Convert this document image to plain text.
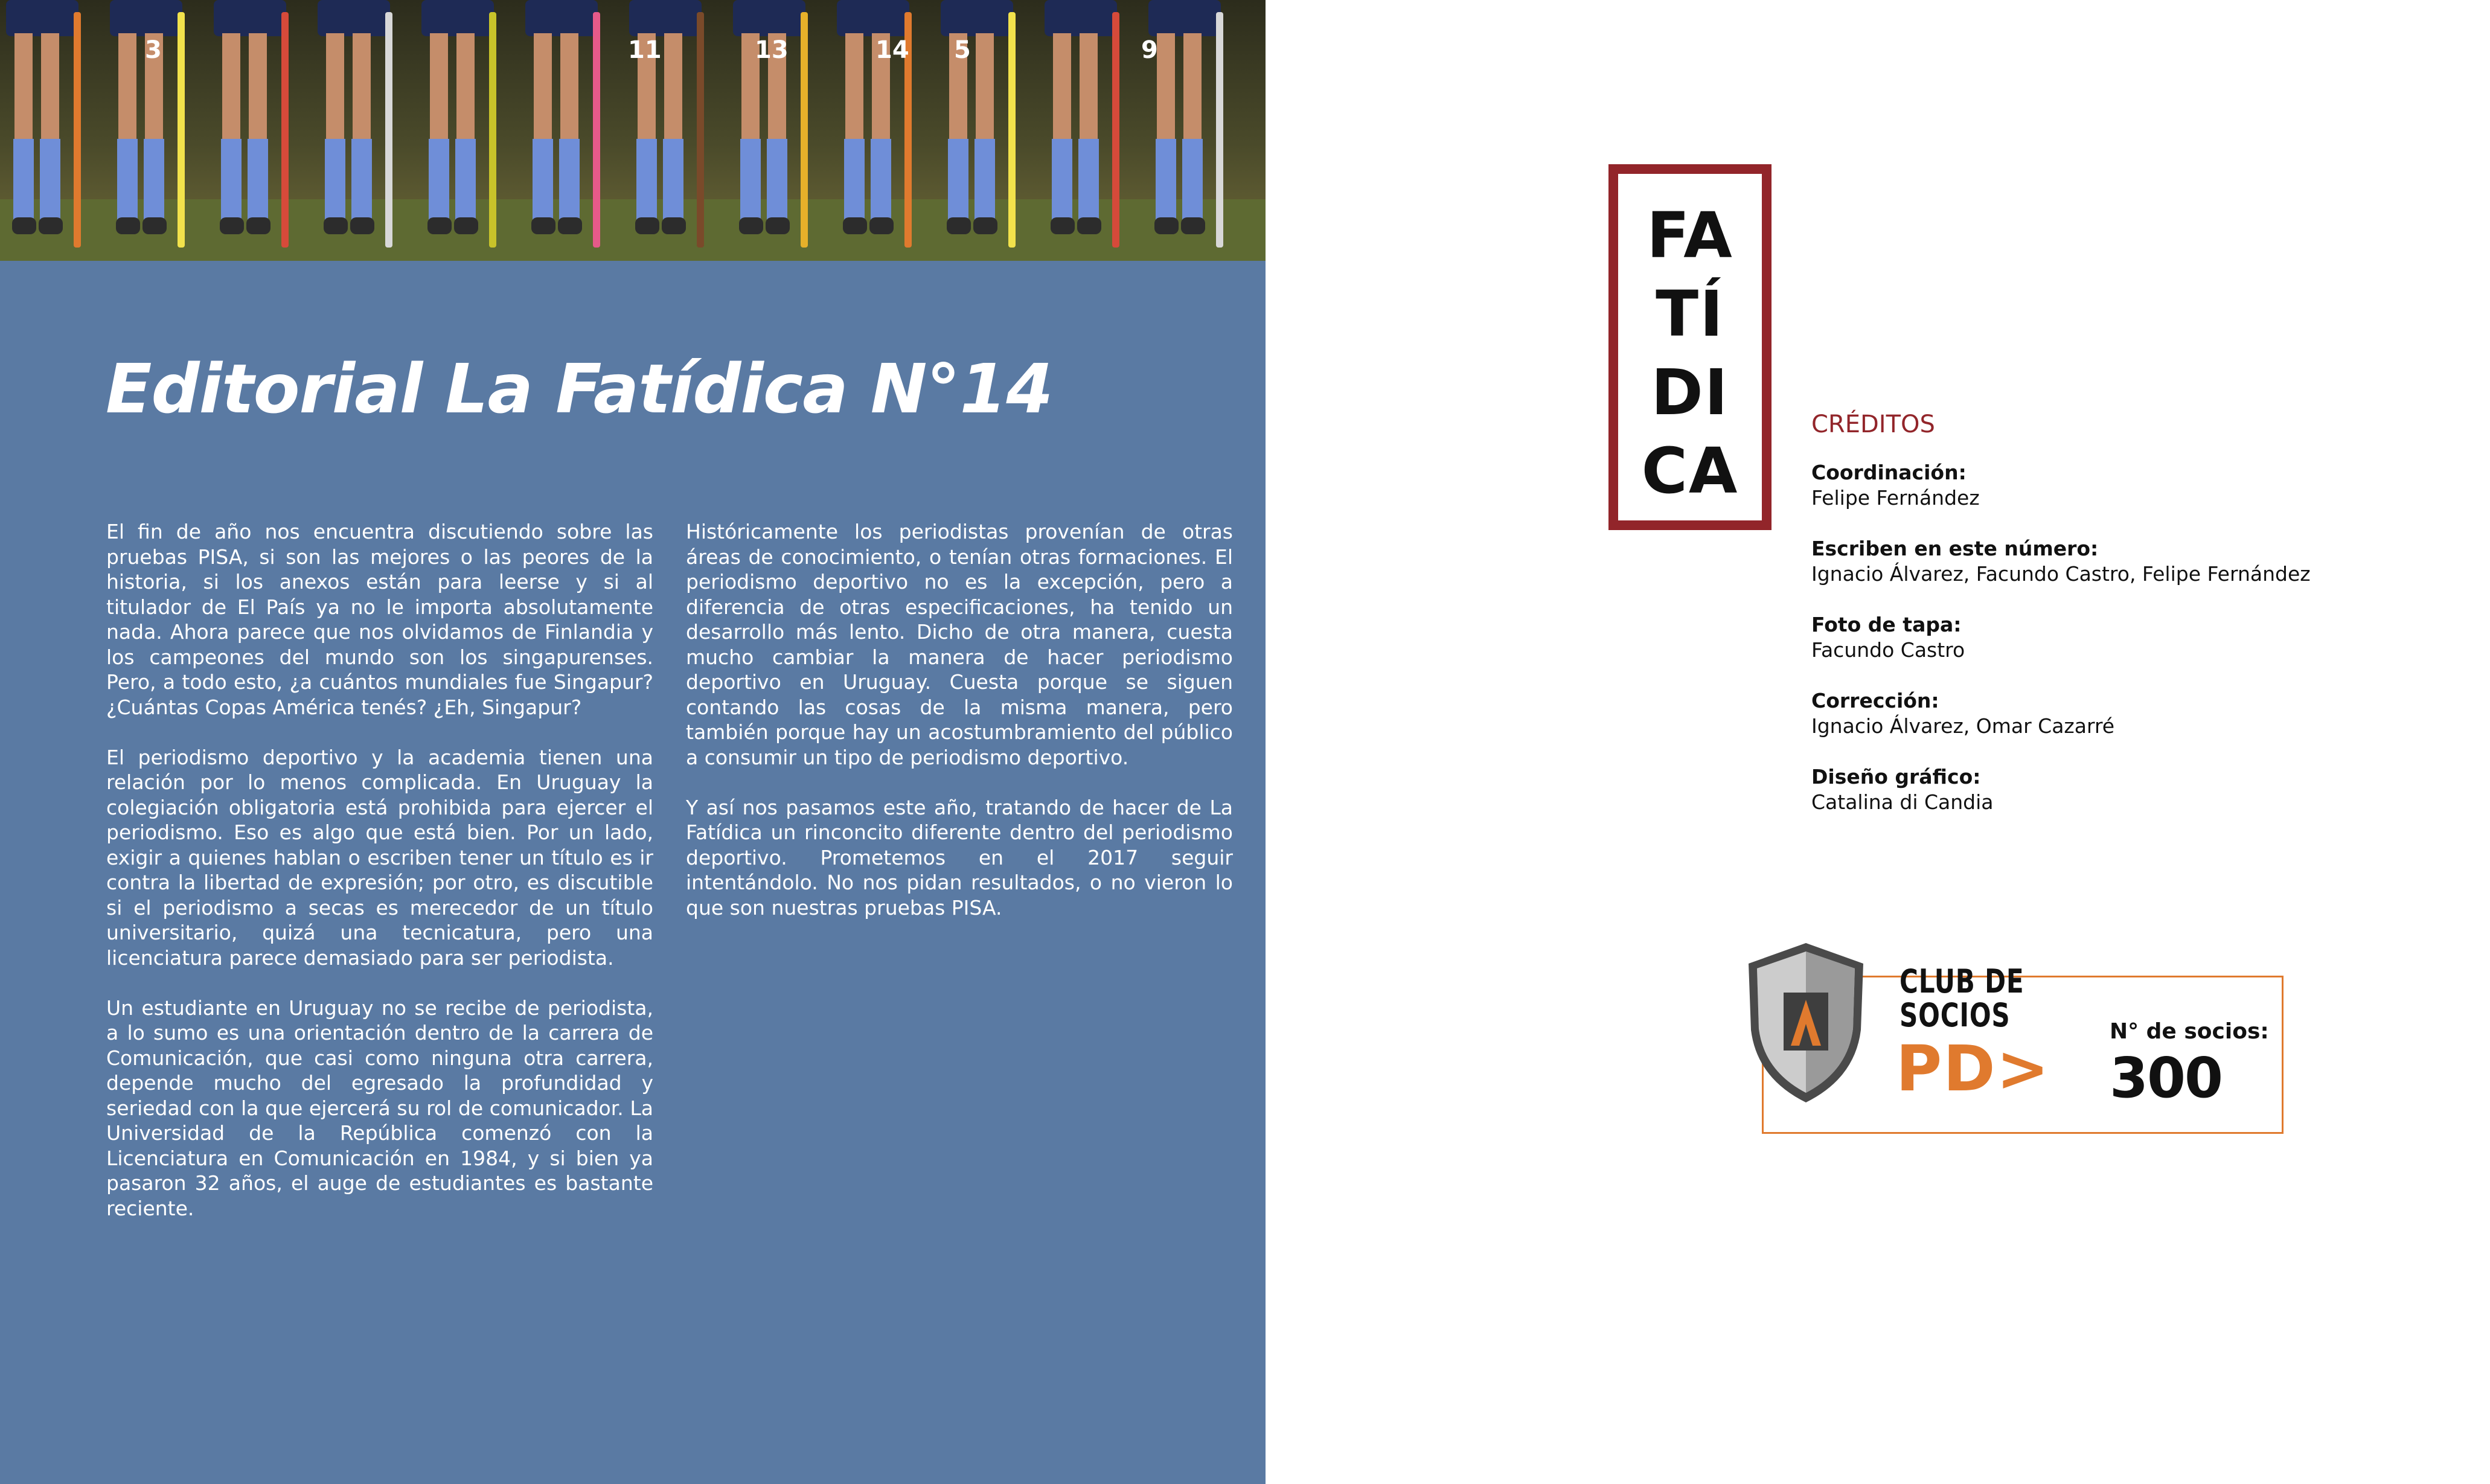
3	11	13	14 5	9
Editorial La Fatídica N°14

El fin de año nos encuentra discutiendo sobre las pruebas PISA, si son las mejores o las peores de la historia, si los anexos están para leerse y si al titulador de El País ya no le importa absolutamente nada. Ahora parece que nos olvidamos de Finlandia y los campeones del mundo son los singapurenses. Pero, a todo esto, ¿a cuántos mundiales fue Singapur? ¿Cuántas Copas América tenés? ¿Eh, Singapur?

El periodismo deportivo y la academia tienen una relación por lo menos complicada. En Uruguay la colegiación obligatoria está prohibida para ejercer el periodismo. Eso es algo que está bien. Por un lado, exigir a quienes hablan o escriben tener un título es ir contra la libertad de expresión; por otro, es discutible si el periodismo a secas es merecedor de un título universitario, quizá una tecnicatura, pero una licenciatura parece demasiado para ser periodista.

Un estudiante en Uruguay no se recibe de periodista, a lo sumo es una orientación dentro de la carrera de Comunicación, que casi como ninguna otra carrera, depende mucho del egresado la profundidad y seriedad con la que ejercerá su rol de comunicador. La Universidad de la República comenzó con la Licenciatura en Comunicación en 1984, y si bien ya pasaron 32 años, el auge de estudiantes es bastante reciente.

Históricamente los periodistas provenían de otras áreas de conocimiento, o tenían otras formaciones. El periodismo deportivo no es la excepción, pero a diferencia de otras especificaciones, ha tenido un desarrollo más lento. Dicho de otra manera, cuesta mucho cambiar la manera de hacer periodismo deportivo en Uruguay. Cuesta porque se siguen contando las cosas de la misma manera, pero también porque hay un acostumbramiento del público a consumir un tipo de periodismo deportivo.

Y así nos pasamos este año, tratando de hacer de La Fatídica un rinconcito diferente dentro del periodismo deportivo. Prometemos en el 2017 seguir intentándolo. No nos pidan resultados, o no vieron lo que son nuestras pruebas PISA.

FA
TÍ
DI
CA
CRÉDITOS
Coordinación:
Felipe Fernández
Escriben en este número:
Ignacio Álvarez, Facundo Castro, Felipe Fernández
Foto de tapa:
Facundo Castro
Corrección:
Ignacio Álvarez, Omar Cazarré
Diseño gráfico:
Catalina di Candia
CLUB DE
SOCIOS
PD>
N° de socios:
300
